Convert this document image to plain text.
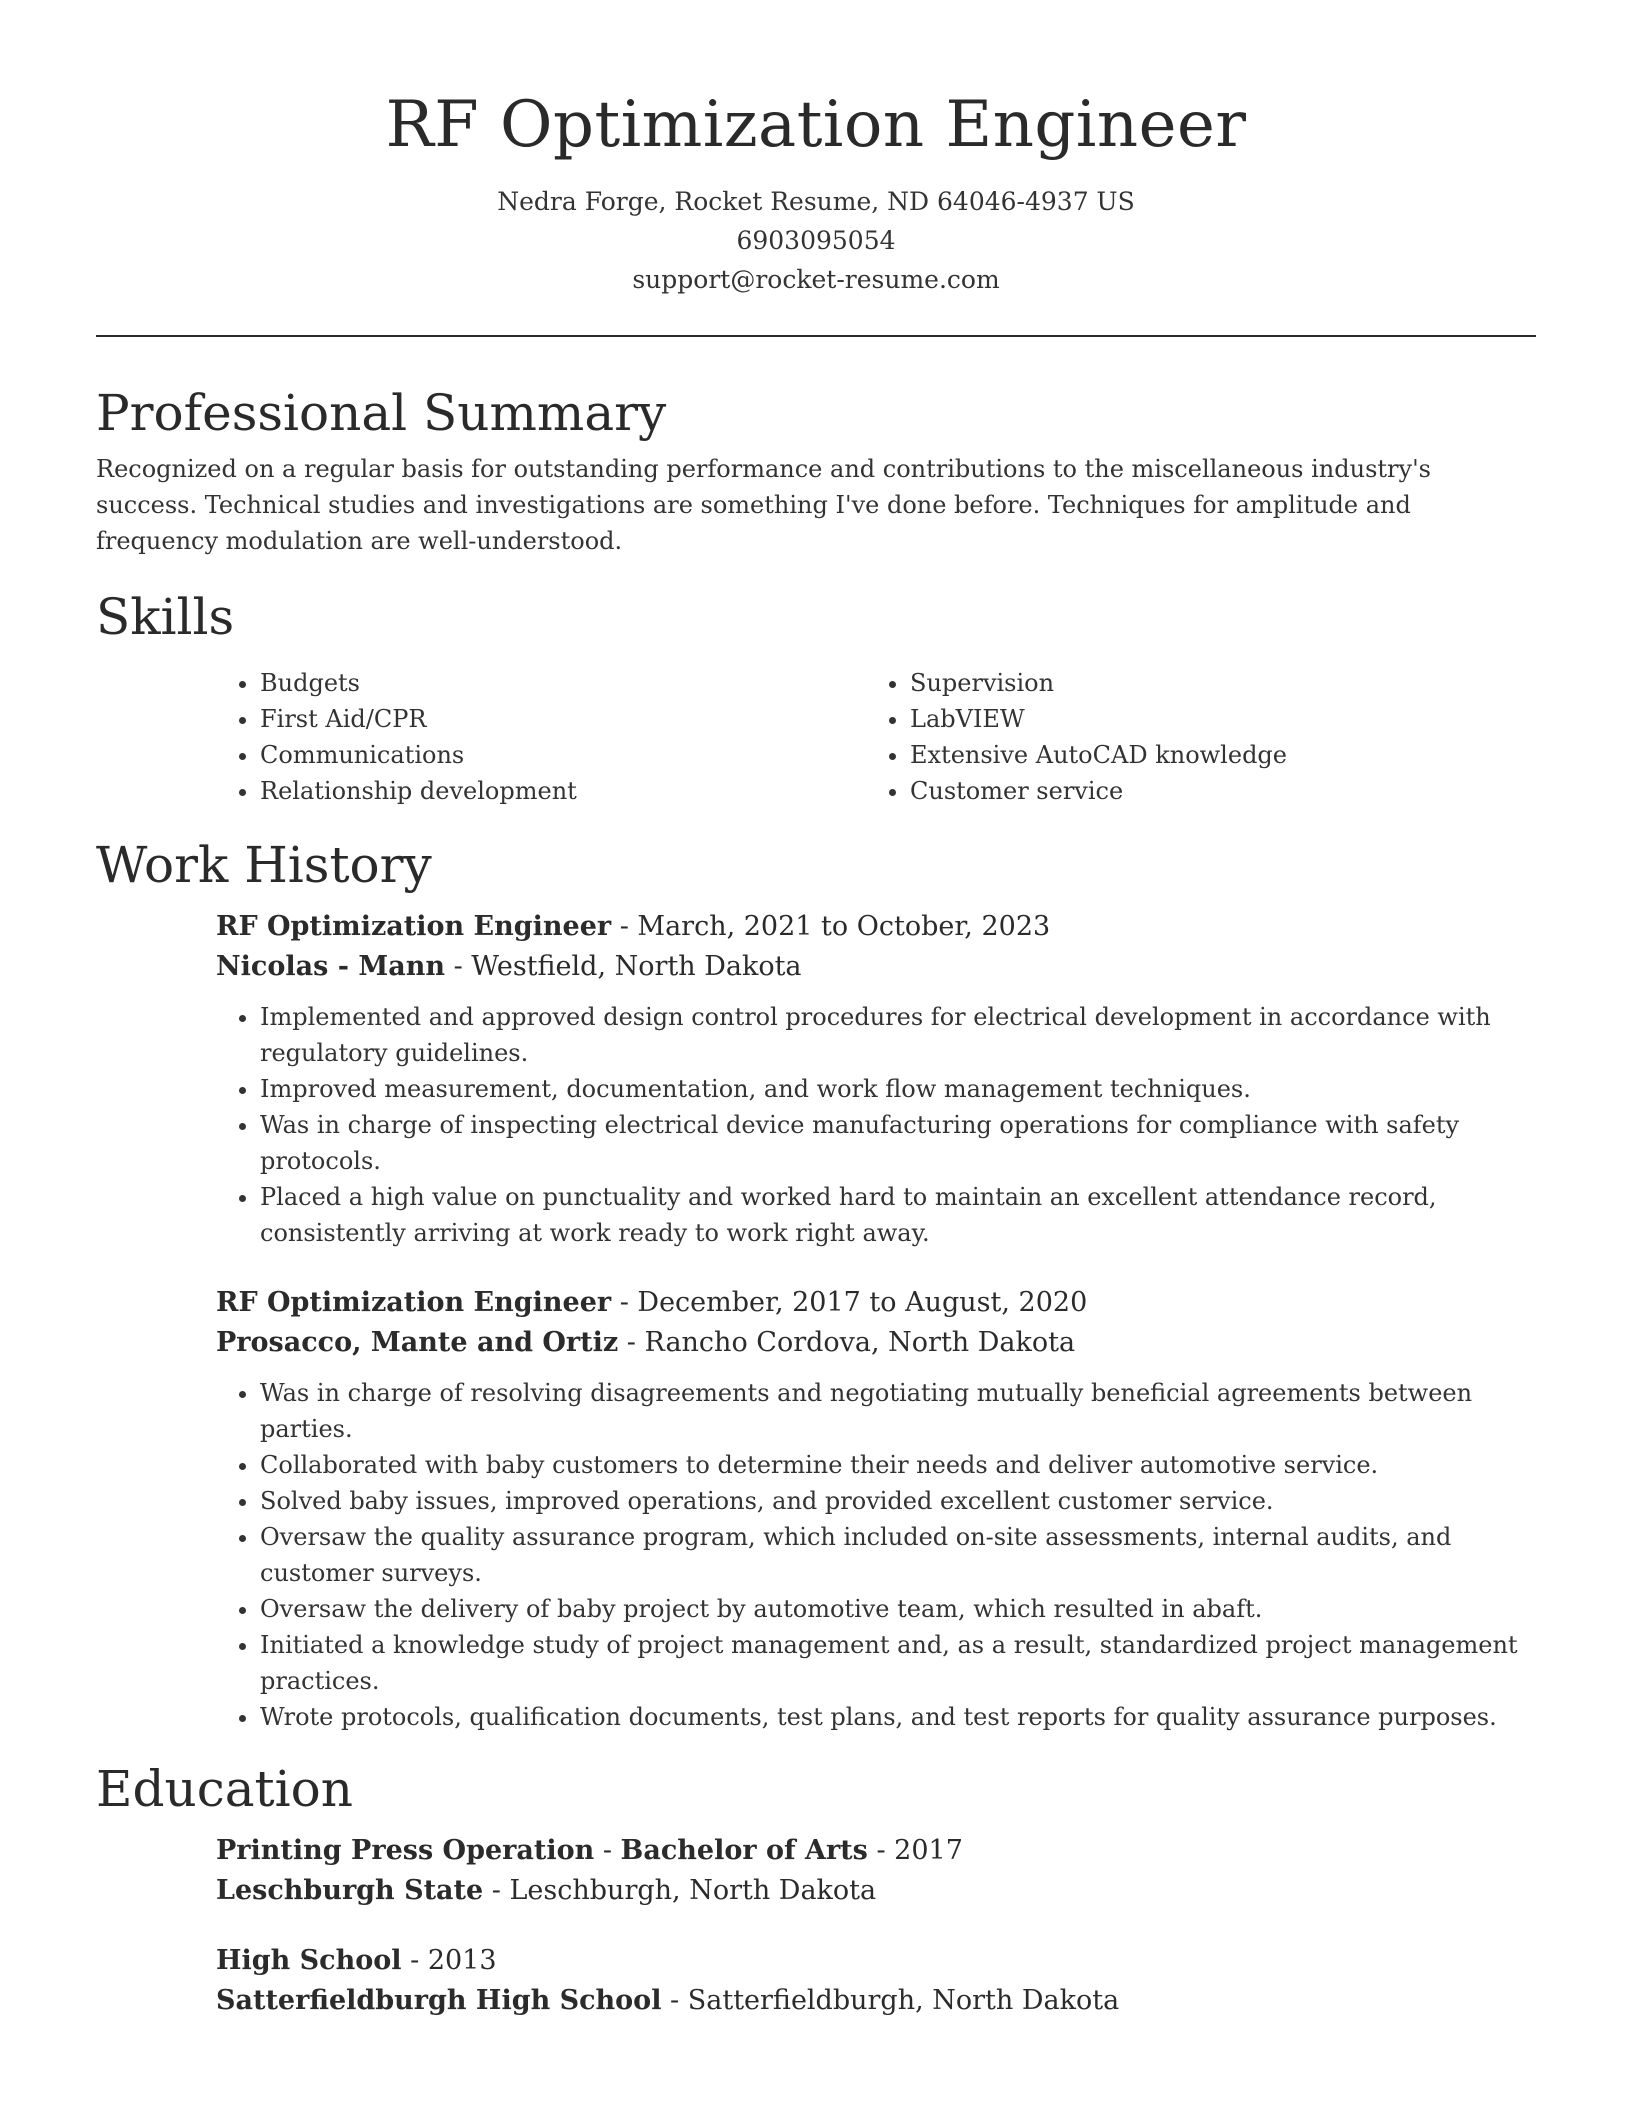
RF Optimization Engineer
Nedra Forge, Rocket Resume, ND 64046-4937 US
6903095054
support@rocket-resume.com
Professional Summary

Recognized on a regular basis for outstanding performance and contributions to the miscellaneous industry's success. Technical studies and investigations are something I've done before. Techniques for amplitude and frequency modulation are well-understood.

Skills
• Budgets
• First Aid/CPR
• Communications
• Relationship development
• Supervision
• LabVIEW
• Extensive AutoCAD knowledge
• Customer service
Work History
RF Optimization Engineer - March, 2021 to October, 2023
Nicolas - Mann - Westfield, North Dakota
• Implemented and approved design control procedures for electrical development in accordance with regulatory guidelines.
• Improved measurement, documentation, and work flow management techniques.
• Was in charge of inspecting electrical device manufacturing operations for compliance with safety protocols.
• Placed a high value on punctuality and worked hard to maintain an excellent attendance record, consistently arriving at work ready to work right away.
RF Optimization Engineer - December, 2017 to August, 2020
Prosacco, Mante and Ortiz - Rancho Cordova, North Dakota
• Was in charge of resolving disagreements and negotiating mutually beneficial agreements between parties.
• Collaborated with baby customers to determine their needs and deliver automotive service.
• Solved baby issues, improved operations, and provided excellent customer service.
• Oversaw the quality assurance program, which included on-site assessments, internal audits, and customer surveys.
• Oversaw the delivery of baby project by automotive team, which resulted in abaft.
• Initiated a knowledge study of project management and, as a result, standardized project management practices.
• Wrote protocols, qualification documents, test plans, and test reports for quality assurance purposes.
Education
Printing Press Operation - Bachelor of Arts - 2017
Leschburgh State - Leschburgh, North Dakota
High School - 2013
Satterfieldburgh High School - Satterfieldburgh, North Dakota
